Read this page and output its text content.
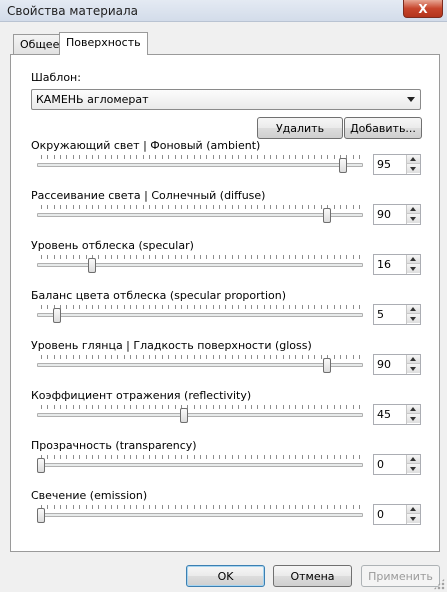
Свойства материала	X
Общее Поверхность
Шаблон:
КАМЕНЬ агломерат
Удалить Добавить...
Окружающий свет | Фоновый (ambient)
95
Рассеивание света | Солнечный (diffuse)
90
Уровень отблеска (specular)
16
Баланс цвета отблеска (specular proportion)
5
Уровень глянца | Гладкость поверхности (gloss)
90
Коэффициент отражения (reflectivity)
45
Прозрачность (transparency)
0
Свечение (emission)
0
OK	Отмена	Применить
